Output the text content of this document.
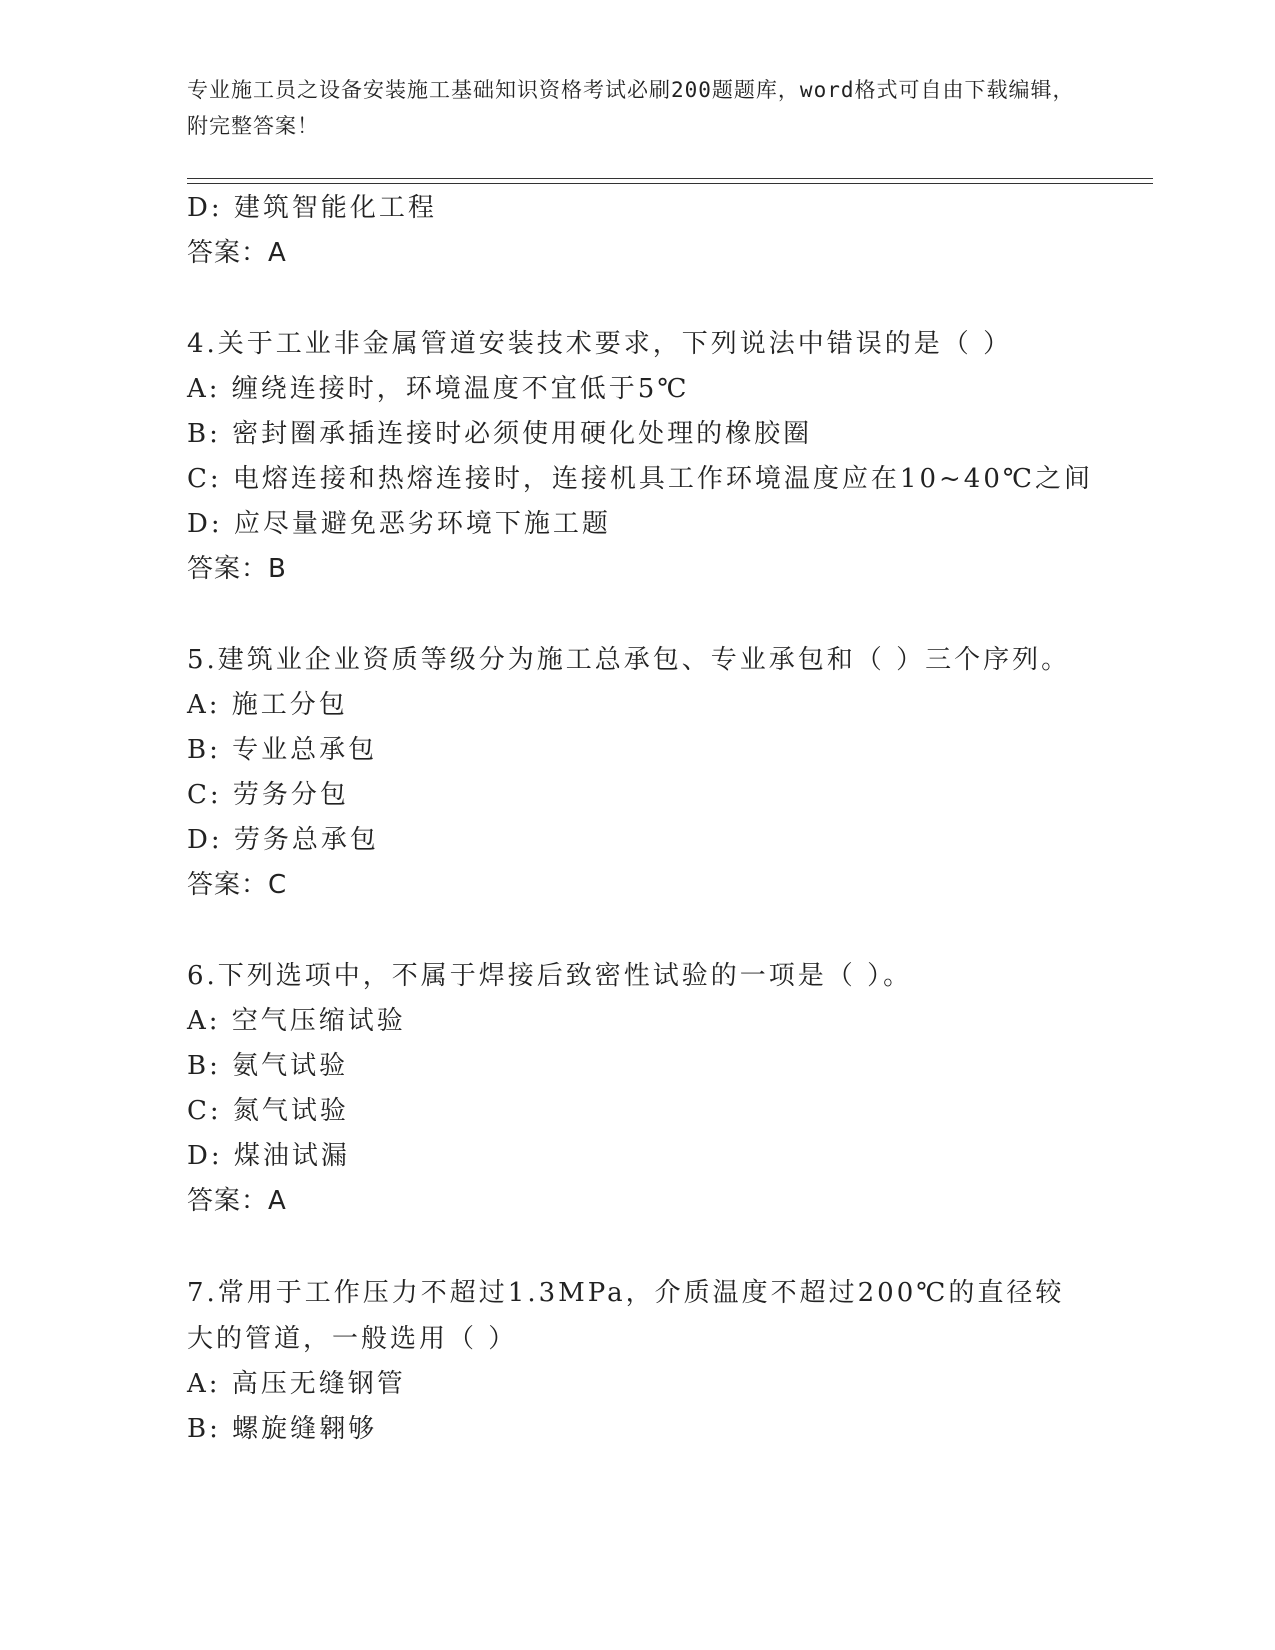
专业施工员之设备安装施工基础知识资格考试必刷200题题库，word格式可自由下载编辑，附完整答案！
D: 建筑智能化工程
答案：A
4.关于工业非金属管道安装技术要求，下列说法中错误的是（ ）
A: 缠绕连接时，环境温度不宜低于5℃
B: 密封圈承插连接时必须使用硬化处理的橡胶圈
C: 电熔连接和热熔连接时，连接机具工作环境温度应在10~40℃之间
D: 应尽量避免恶劣环境下施工题
答案：B
5.建筑业企业资质等级分为施工总承包、专业承包和（ ）三个序列。
A: 施工分包
B: 专业总承包
C: 劳务分包
D: 劳务总承包
答案：C
6.下列选项中，不属于焊接后致密性试验的一项是（ ）。
A: 空气压缩试验
B: 氨气试验
C: 氮气试验
D: 煤油试漏
答案：A
7.常用于工作压力不超过1.3MPa，介质温度不超过200℃的直径较大的管道，一般选用（ ）
A: 高压无缝钢管
B: 螺旋缝翱够
